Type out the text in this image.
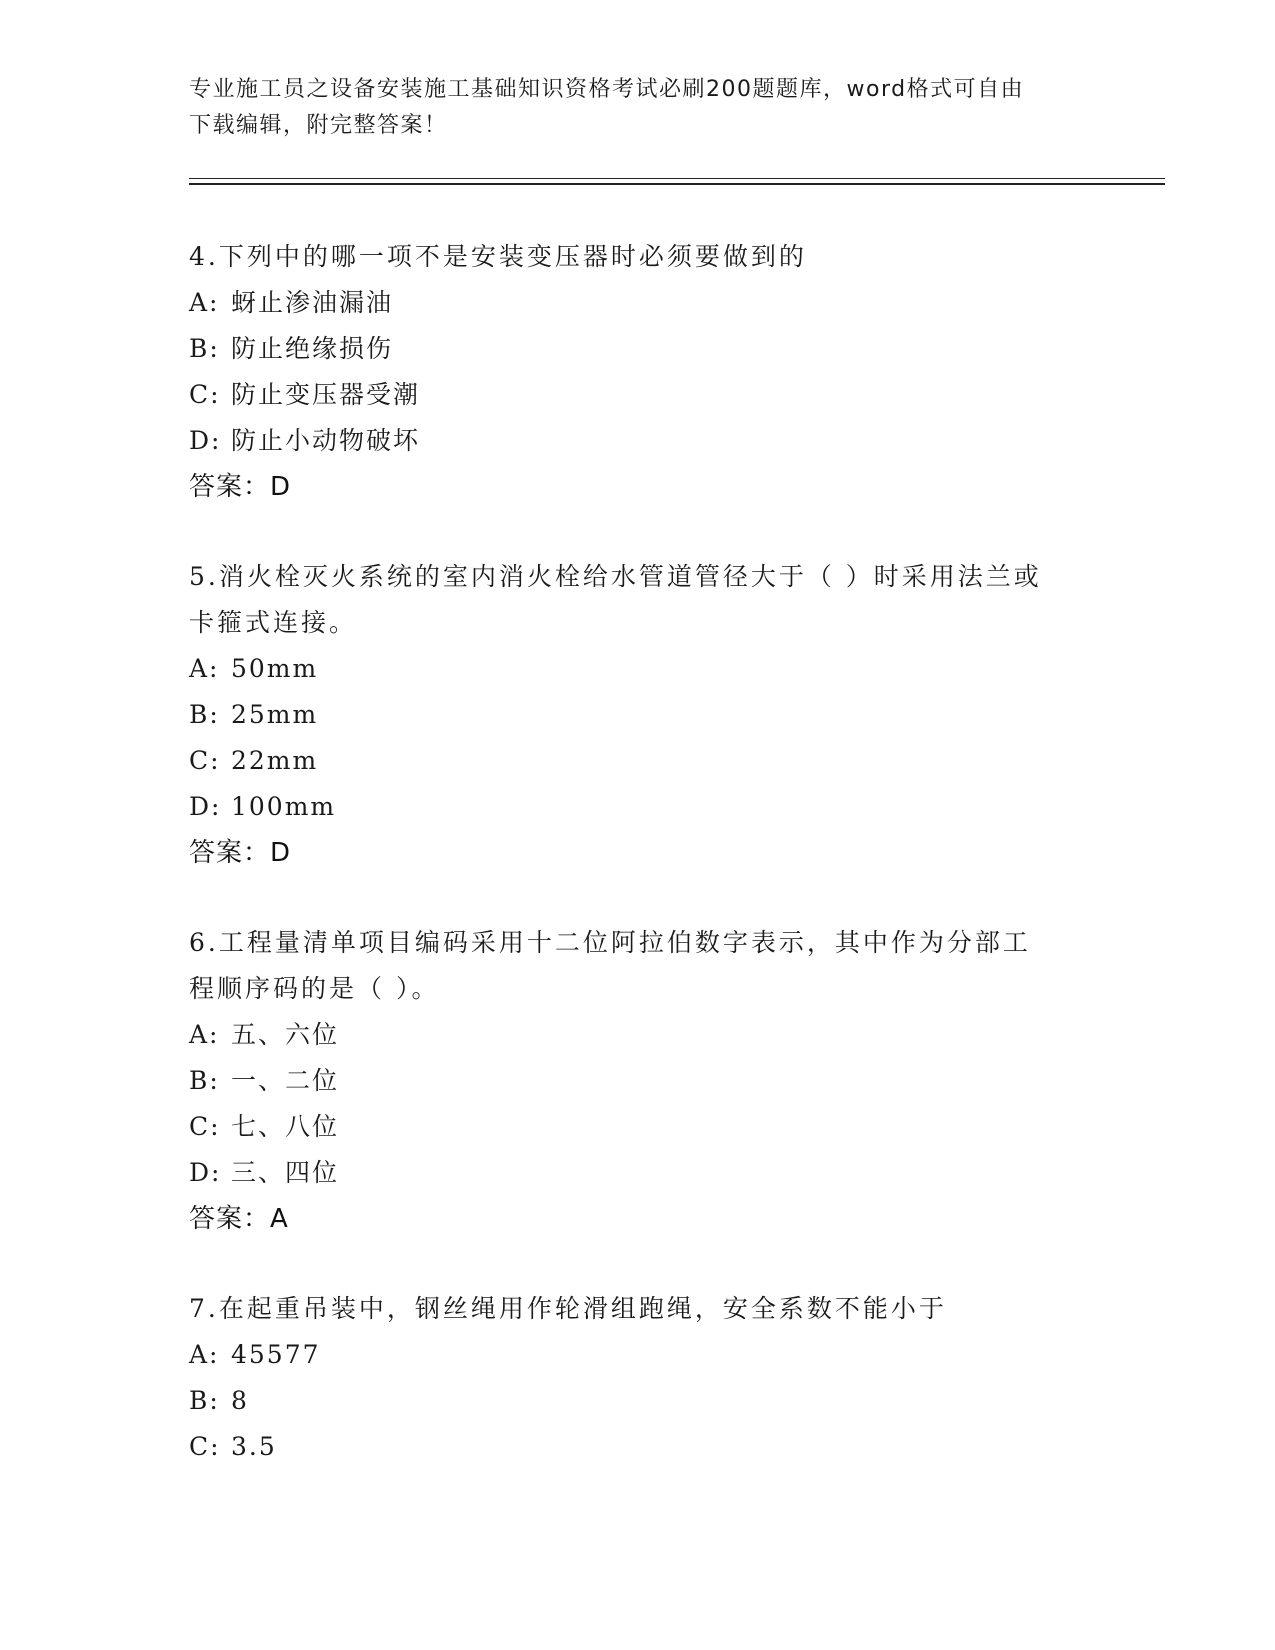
专业施工员之设备安装施工基础知识资格考试必刷200题题库，word格式可自由
下载编辑，附完整答案！

4.下列中的哪一项不是安装变压器时必须要做到的

A: 蚜止渗油漏油
B: 防止绝缘损伤
C: 防止变压器受潮
D: 防止小动物破坏
答案：D

5.消火栓灭火系统的室内消火栓给水管道管径大于（ ）时采用法兰或

卡箍式连接。

A: 50mm
B: 25mm
C: 22mm
D: 100mm
答案：D

6.工程量清单项目编码采用十二位阿拉伯数字表示，其中作为分部工

程顺序码的是（ ）。

A: 五、六位
B: 一、二位
C: 七、八位
D: 三、四位
答案：A

7.在起重吊装中，钢丝绳用作轮滑组跑绳，安全系数不能小于

A: 45577
B: 8
C: 3.5
